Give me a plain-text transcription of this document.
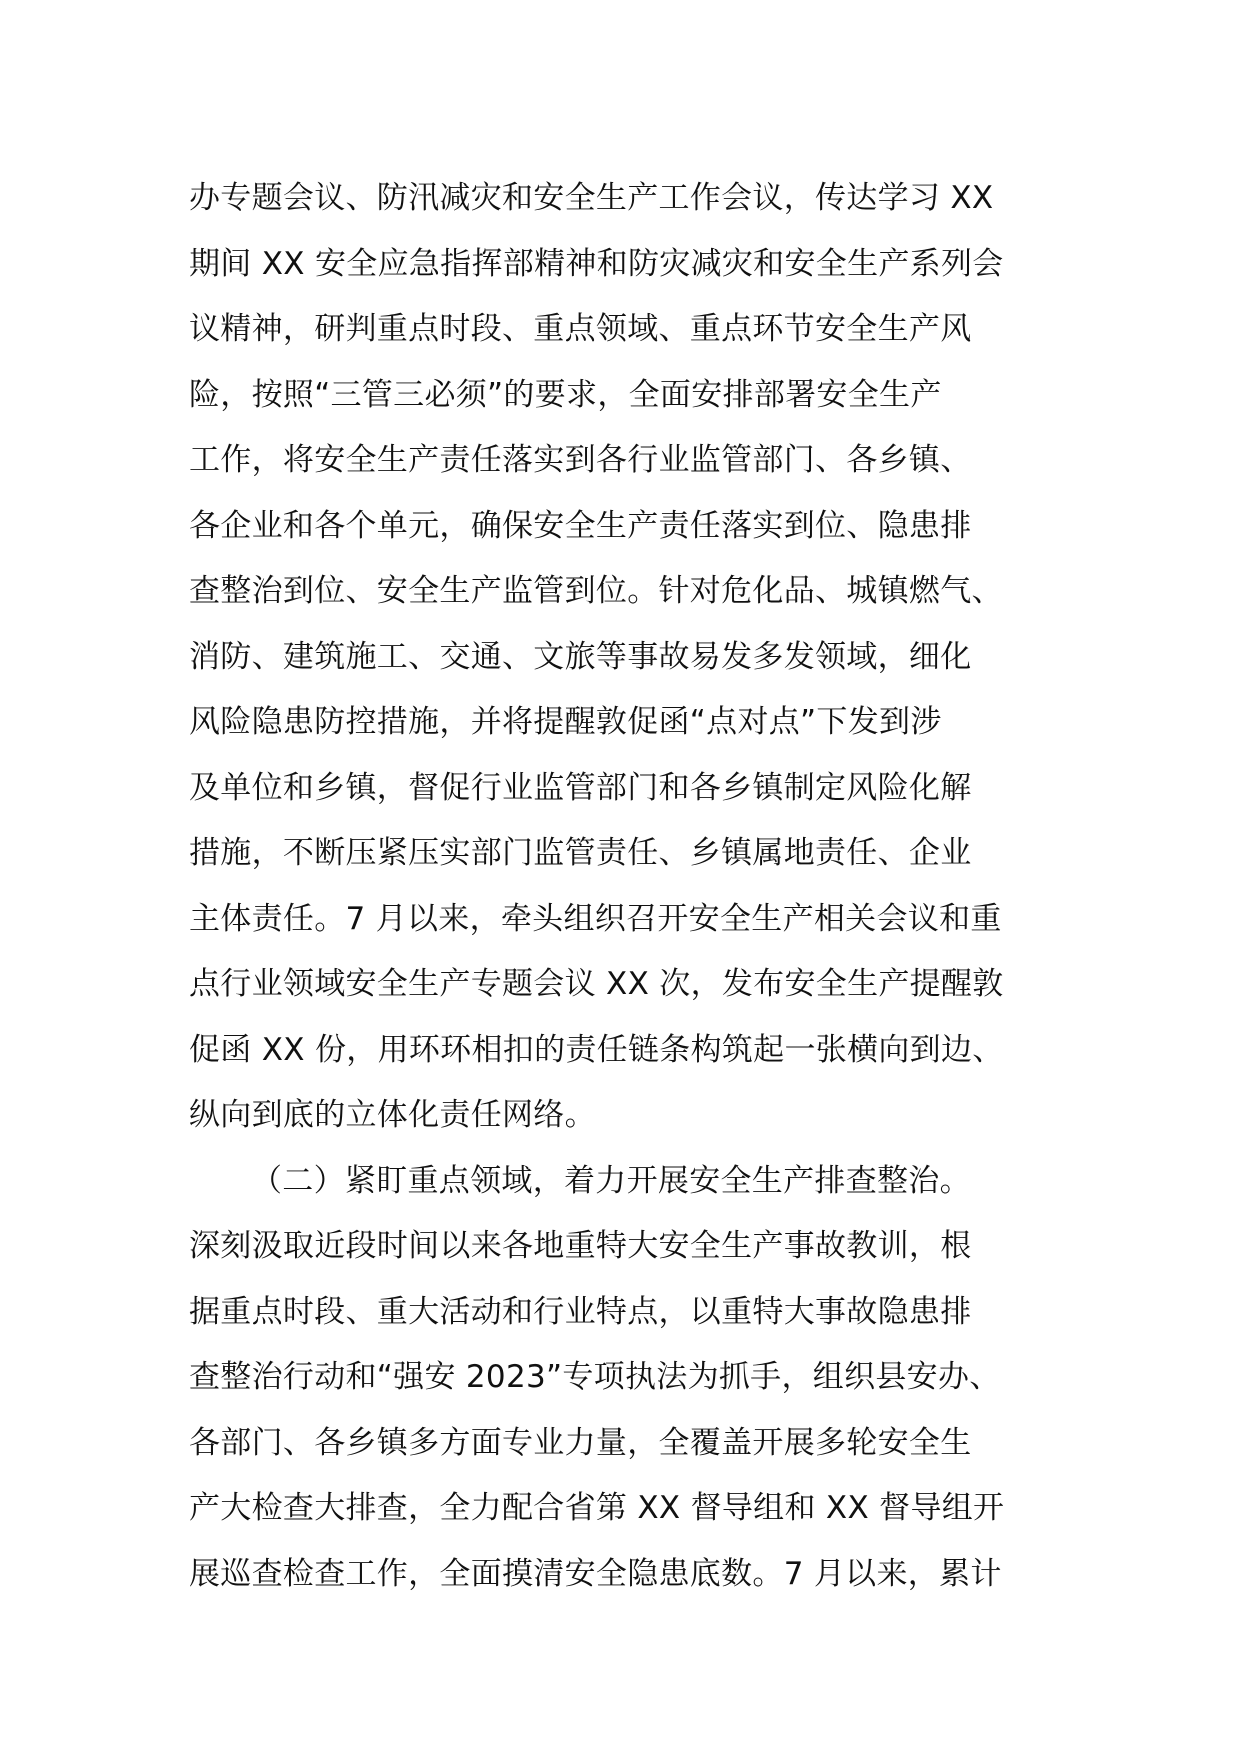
办专题会议、防汛减灾和安全生产工作会议，传达学习 XX
期间 XX 安全应急指挥部精神和防灾减灾和安全生产系列会
议精神，研判重点时段、重点领域、重点环节安全生产风
险，按照“三管三必须”的要求，全面安排部署安全生产
工作，将安全生产责任落实到各行业监管部门、各乡镇、
各企业和各个单元，确保安全生产责任落实到位、隐患排
查整治到位、安全生产监管到位。针对危化品、城镇燃气、
消防、建筑施工、交通、文旅等事故易发多发领域，细化
风险隐患防控措施，并将提醒敦促函“点对点”下发到涉
及单位和乡镇，督促行业监管部门和各乡镇制定风险化解
措施，不断压紧压实部门监管责任、乡镇属地责任、企业
主体责任。7 月以来，牵头组织召开安全生产相关会议和重
点行业领域安全生产专题会议 XX 次，发布安全生产提醒敦
促函 XX 份，用环环相扣的责任链条构筑起一张横向到边、
纵向到底的立体化责任网络。
（二）紧盯重点领域，着力开展安全生产排查整治。
深刻汲取近段时间以来各地重特大安全生产事故教训，根
据重点时段、重大活动和行业特点，以重特大事故隐患排
查整治行动和“强安 2023”专项执法为抓手，组织县安办、
各部门、各乡镇多方面专业力量，全覆盖开展多轮安全生
产大检查大排查，全力配合省第 XX 督导组和 XX 督导组开
展巡查检查工作，全面摸清安全隐患底数。7 月以来，累计
